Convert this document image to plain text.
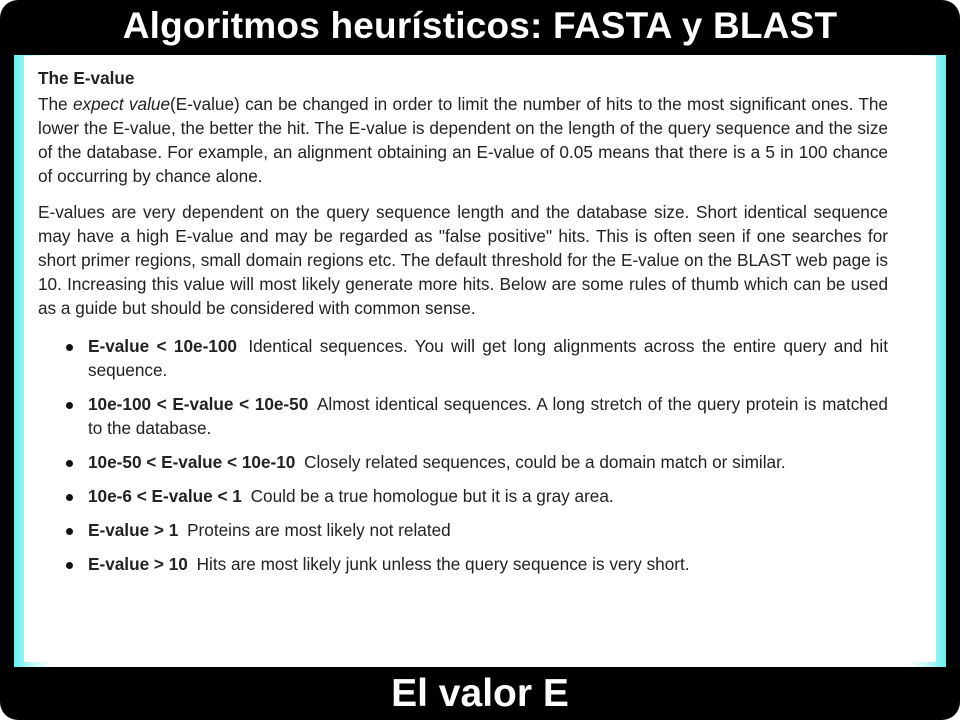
Algoritmos heurísticos: FASTA y BLAST
The E-value

The expect value(E-value) can be changed in order to limit the number of hits to the most significant ones. The lower the E-value, the better the hit. The E-value is dependent on the length of the query sequence and the size of the database. For example, an alignment obtaining an E-value of 0.05 means that there is a 5 in 100 chance of occurring by chance alone.

E-values are very dependent on the query sequence length and the database size. Short identical sequence may have a high E-value and may be regarded as "false positive" hits. This is often seen if one searches for short primer regions, small domain regions etc. The default threshold for the E-value on the BLAST web page is 10. Increasing this value will most likely generate more hits. Below are some rules of thumb which can be used as a guide but should be considered with common sense.

E-value < 10e-100 Identical sequences. You will get long alignments across the entire query and hit sequence.
10e-100 < E-value < 10e-50 Almost identical sequences. A long stretch of the query protein is matched to the database.
10e-50 < E-value < 10e-10 Closely related sequences, could be a domain match or similar.
10e-6 < E-value < 1 Could be a true homologue but it is a gray area.
E-value > 1 Proteins are most likely not related
E-value > 10 Hits are most likely junk unless the query sequence is very short.
El valor E
